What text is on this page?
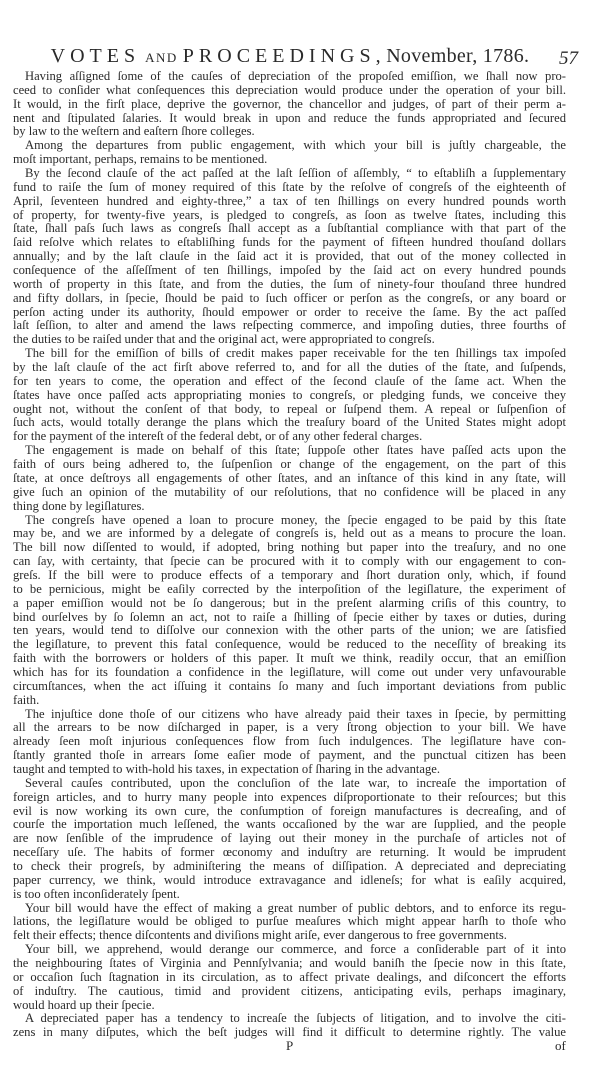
VOTES AND PROCEEDINGS, November, 1786.	57
Having aſſigned ſome of the cauſes of depreciation of the propoſed emiſſion, we ſhall now pro-
ceed to conſider what conſequences this depreciation would produce under the operation of your bill.
It would, in the firſt place, deprive the governor, the chancellor and judges, of part of their perm a-
nent and ſtipulated ſalaries. It would break in upon and reduce the funds appropriated and ſecured
by law to the weſtern and eaſtern ſhore colleges.
Among the departures from public engagement, with which your bill is juſtly chargeable, the
moſt important, perhaps, remains to be mentioned.
By the ſecond clauſe of the act paſſed at the laſt ſeſſion of aſſembly, “ to eſtabliſh a ſupplementary
fund to raiſe the ſum of money required of this ſtate by the reſolve of congreſs of the eighteenth of
April, ſeventeen hundred and eighty-three,” a tax of ten ſhillings on every hundred pounds worth
of property, for twenty-five years, is pledged to congreſs, as ſoon as twelve ſtates, including this
ſtate, ſhall paſs ſuch laws as congreſs ſhall accept as a ſubſtantial compliance with that part of the
ſaid reſolve which relates to eſtabliſhing funds for the payment of fifteen hundred thouſand dollars
annually; and by the laſt clauſe in the ſaid act it is provided, that out of the money collected in
conſequence of the aſſeſſment of ten ſhillings, impoſed by the ſaid act on every hundred pounds
worth of property in this ſtate, and from the duties, the ſum of ninety-four thouſand three hundred
and fifty dollars, in ſpecie, ſhould be paid to ſuch officer or perſon as the congreſs, or any board or
perſon acting under its authority, ſhould empower or order to receive the ſame. By the act paſſed
laſt ſeſſion, to alter and amend the laws reſpecting commerce, and impoſing duties, three fourths of
the duties to be raiſed under that and the original act, were appropriated to congreſs.
The bill for the emiſſion of bills of credit makes paper receivable for the ten ſhillings tax impoſed
by the laſt clauſe of the act firſt above referred to, and for all the duties of the ſtate, and ſuſpends,
for ten years to come, the operation and effect of the ſecond clauſe of the ſame act. When the
ſtates have once paſſed acts appropriating monies to congreſs, or pledging funds, we conceive they
ought not, without the conſent of that body, to repeal or ſuſpend them. A repeal or ſuſpenſion of
ſuch acts, would totally derange the plans which the treaſury board of the United States might adopt
for the payment of the intereſt of the federal debt, or of any other federal charges.
The engagement is made on behalf of this ſtate; ſuppoſe other ſtates have paſſed acts upon the
faith of ours being adhered to, the ſuſpenſion or change of the engagement, on the part of this
ſtate, at once deſtroys all engagements of other ſtates, and an inſtance of this kind in any ſtate, will
give ſuch an opinion of the mutability of our reſolutions, that no confidence will be placed in any
thing done by legiſlatures.
The congreſs have opened a loan to procure money, the ſpecie engaged to be paid by this ſtate
may be, and we are informed by a delegate of congreſs is, held out as a means to procure the loan.
The bill now diſſented to would, if adopted, bring nothing but paper into the treaſury, and no one
can ſay, with certainty, that ſpecie can be procured with it to comply with our engagement to con-
greſs. If the bill were to produce effects of a temporary and ſhort duration only, which, if found
to be pernicious, might be eaſily corrected by the interpoſition of the legiſlature, the experiment of
a paper emiſſion would not be ſo dangerous; but in the preſent alarming criſis of this country, to
bind ourſelves by ſo ſolemn an act, not to raiſe a ſhilling of ſpecie either by taxes or duties, during
ten years, would tend to diſſolve our connexion with the other parts of the union; we are ſatisfied
the legiſlature, to prevent this fatal conſequence, would be reduced to the neceſſity of breaking its
faith with the borrowers or holders of this paper. It muſt we think, readily occur, that an emiſſion
which has for its foundation a confidence in the legiſlature, will come out under very unfavourable
circumſtances, when the act iſſuing it contains ſo many and ſuch important deviations from public
faith.
The injuſtice done thoſe of our citizens who have already paid their taxes in ſpecie, by permitting
all the arrears to be now diſcharged in paper, is a very ſtrong objection to your bill. We have
already ſeen moſt injurious conſequences flow from ſuch indulgences. The legiſlature have con-
ſtantly granted thoſe in arrears ſome eaſier mode of payment, and the punctual citizen has been
taught and tempted to with-hold his taxes, in expectation of ſharing in the advantage.
Several cauſes contributed, upon the concluſion of the late war, to increaſe the importation of
foreign articles, and to hurry many people into expences diſproportionate to their reſources; but this
evil is now working its own cure, the conſumption of foreign manufactures is decreaſing, and of
courſe the importation much leſſened, the wants occaſioned by the war are ſupplied, and the people
are now ſenſible of the imprudence of laying out their money in the purchaſe of articles not of
neceſſary uſe. The habits of former œconomy and induſtry are returning. It would be imprudent
to check their progreſs, by adminiſtering the means of diſſipation. A depreciated and depreciating
paper currency, we think, would introduce extravagance and idleneſs; for what is eaſily acquired,
is too often inconſiderately ſpent.
Your bill would have the effect of making a great number of public debtors, and to enforce its regu-
lations, the legiſlature would be obliged to purſue meaſures which might appear harſh to thoſe who
felt their effects; thence diſcontents and diviſions might ariſe, ever dangerous to free governments.
Your bill, we apprehend, would derange our commerce, and force a conſiderable part of it into
the neighbouring ſtates of Virginia and Pennſylvania; and would baniſh the ſpecie now in this ſtate,
or occaſion ſuch ſtagnation in its circulation, as to affect private dealings, and diſconcert the efforts
of induſtry. The cautious, timid and provident citizens, anticipating evils, perhaps imaginary,
would hoard up their ſpecie.
A depreciated paper has a tendency to increaſe the ſubjects of litigation, and to involve the citi-
zens in many diſputes, which the beſt judges will find it difficult to determine rightly. The value
P	of
